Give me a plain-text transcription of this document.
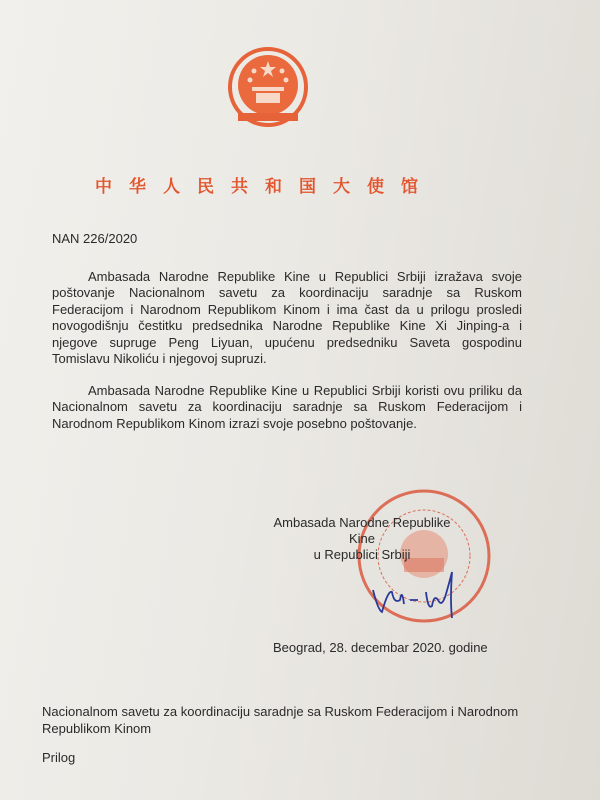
中华人民共和国大使馆
NAN 226/2020

Ambasada Narodne Republike Kine u Republici Srbiji izražava svoje poštovanje Nacionalnom savetu za koordinaciju saradnje sa Ruskom Federacijom i Narodnom Republikom Kinom i ima čast da u prilogu prosledi novogodišnju čestitku predsednika Narodne Republike Kine Xi Jinping-a i njegove supruge Peng Liyuan, upućenu predsedniku Saveta gospodinu Tomislavu Nikoliću i njegovoj supruzi.

Ambasada Narodne Republike Kine u Republici Srbiji koristi ovu priliku da Nacionalnom savetu za koordinaciju saradnje sa Ruskom Federacijom i Narodnom Republikom Kinom izrazi svoje posebno poštovanje.

Ambasada Narodne Republike Kine
u Republici Srbiji
Beograd, 28. decembar 2020. godine
Nacionalnom savetu za koordinaciju saradnje sa Ruskom Federacijom i Narodnom Republikom Kinom
Prilog
